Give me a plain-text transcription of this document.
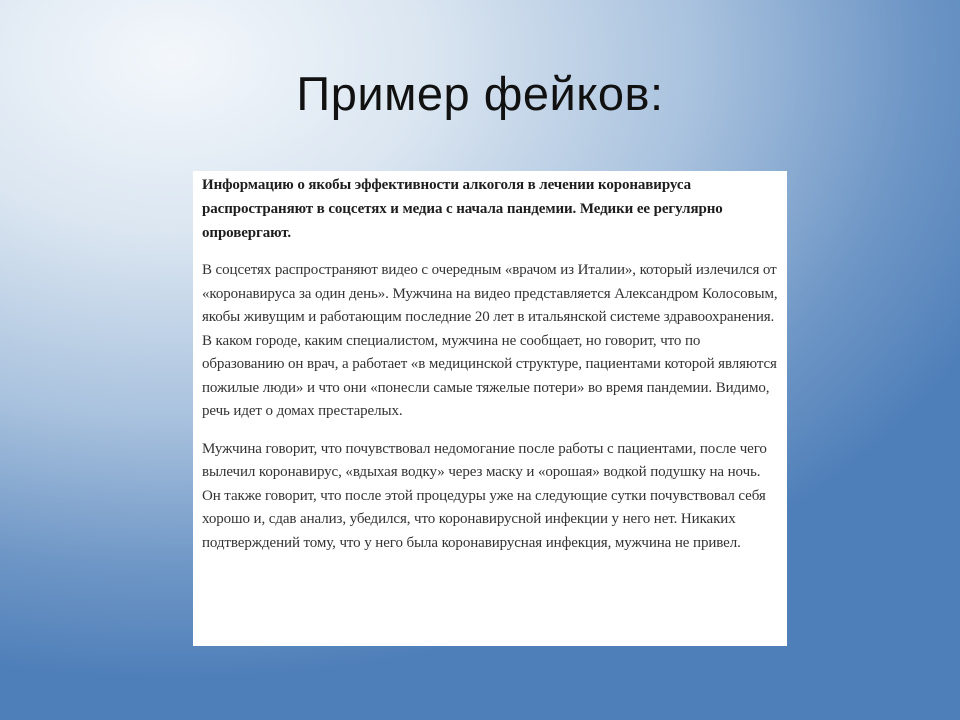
Пример фейков:

Информацию о якобы эффективности алкоголя в лечении коронавируса распространяют в соцсетях и медиа с начала пандемии. Медики ее регулярно опровергают.

В соцсетях распространяют видео с очередным «врачом из Италии», который излечился от «коронавируса за один день». Мужчина на видео представляется Александром Колосовым, якобы живущим и работающим последние 20 лет в итальянской системе здравоохранения. В каком городе, каким специалистом, мужчина не сообщает, но говорит, что по образованию он врач, а работает «в медицинской структуре, пациентами которой являются пожилые люди» и что они «понесли самые тяжелые потери» во время пандемии. Видимо, речь идет о домах престарелых.

Мужчина говорит, что почувствовал недомогание после работы с пациентами, после чего вылечил коронавирус, «вдыхая водку» через маску и «орошая» водкой подушку на ночь. Он также говорит, что после этой процедуры уже на следующие сутки почувствовал себя хорошо и, сдав анализ, убедился, что коронавирусной инфекции у него нет. Никаких подтверждений тому, что у него была коронавирусная инфекция, мужчина не привел.
